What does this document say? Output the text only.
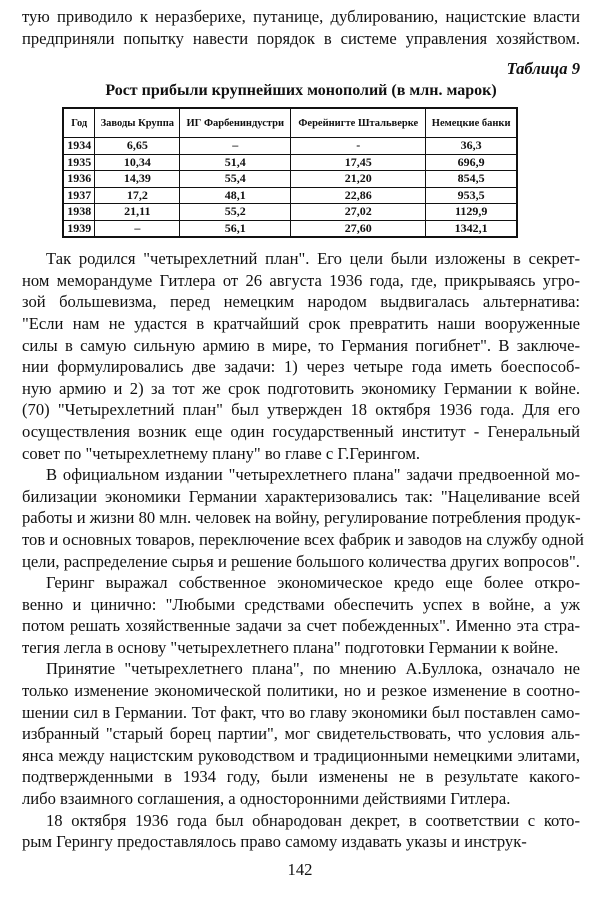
тую приводило к неразберихе, путанице, дублированию, нацистские власти
предприняли попытку навести порядок в системе управления хозяйством.
Таблица 9
Рост прибыли крупнейших монополий (в млн. марок)
Год	Заводы Круппа	ИГ Фарбениндустри	Ферейнигте Штальверке	Немецкие банки
1934	6,65	–	-	36,3
1935	10,34	51,4	17,45	696,9
1936	14,39	55,4	21,20	854,5
1937	17,2	48,1	22,86	953,5
1938	21,11	55,2	27,02	1129,9
1939	–	56,1	27,60	1342,1
Так родился "четырехлетний план". Его цели были изложены в секрет-
ном меморандуме Гитлера от 26 августа 1936 года, где, прикрываясь угро-
зой большевизма, перед немецким народом выдвигалась альтернатива:
"Если нам не удастся в кратчайший срок превратить наши вооруженные
силы в самую сильную армию в мире, то Германия погибнет". В заключе-
нии формулировались две задачи: 1) через четыре года иметь боеспособ-
ную армию и 2) за тот же срок подготовить экономику Германии к войне.
(70) "Четырехлетний план" был утвержден 18 октября 1936 года. Для его
осуществления возник еще один государственный институт - Генеральный
совет по "четырехлетнему плану" во главе с Г.Герингом.
В официальном издании "четырехлетнего плана" задачи предвоенной мо-
билизации экономики Германии характеризовались так: "Нацеливание всей
работы и жизни 80 млн. человек на войну, регулирование потребления продук-
тов и основных товаров, переключение всех фабрик и заводов на службу одной
цели, распределение сырья и решение большого количества других вопросов".
Геринг выражал собственное экономическое кредо еще более откро-
венно и цинично: "Любыми средствами обеспечить успех в войне, а уж
потом решать хозяйственные задачи за счет побежденных". Именно эта стра-
тегия легла в основу "четырехлетнего плана" подготовки Германии к войне.
Принятие "четырехлетнего плана", по мнению А.Буллока, означало не
только изменение экономической политики, но и резкое изменение в соотно-
шении сил в Германии. Тот факт, что во главу экономики был поставлен само-
избранный "старый борец партии", мог свидетельствовать, что условия аль-
янса между нацистским руководством и традиционными немецкими элитами,
подтвержденными в 1934 году, были изменены не в результате какого-
либо взаимного соглашения, а односторонними действиями Гитлера.
18 октября 1936 года был обнародован декрет, в соответствии с кото-
рым Герингу предоставлялось право самому издавать указы и инструк-
142
